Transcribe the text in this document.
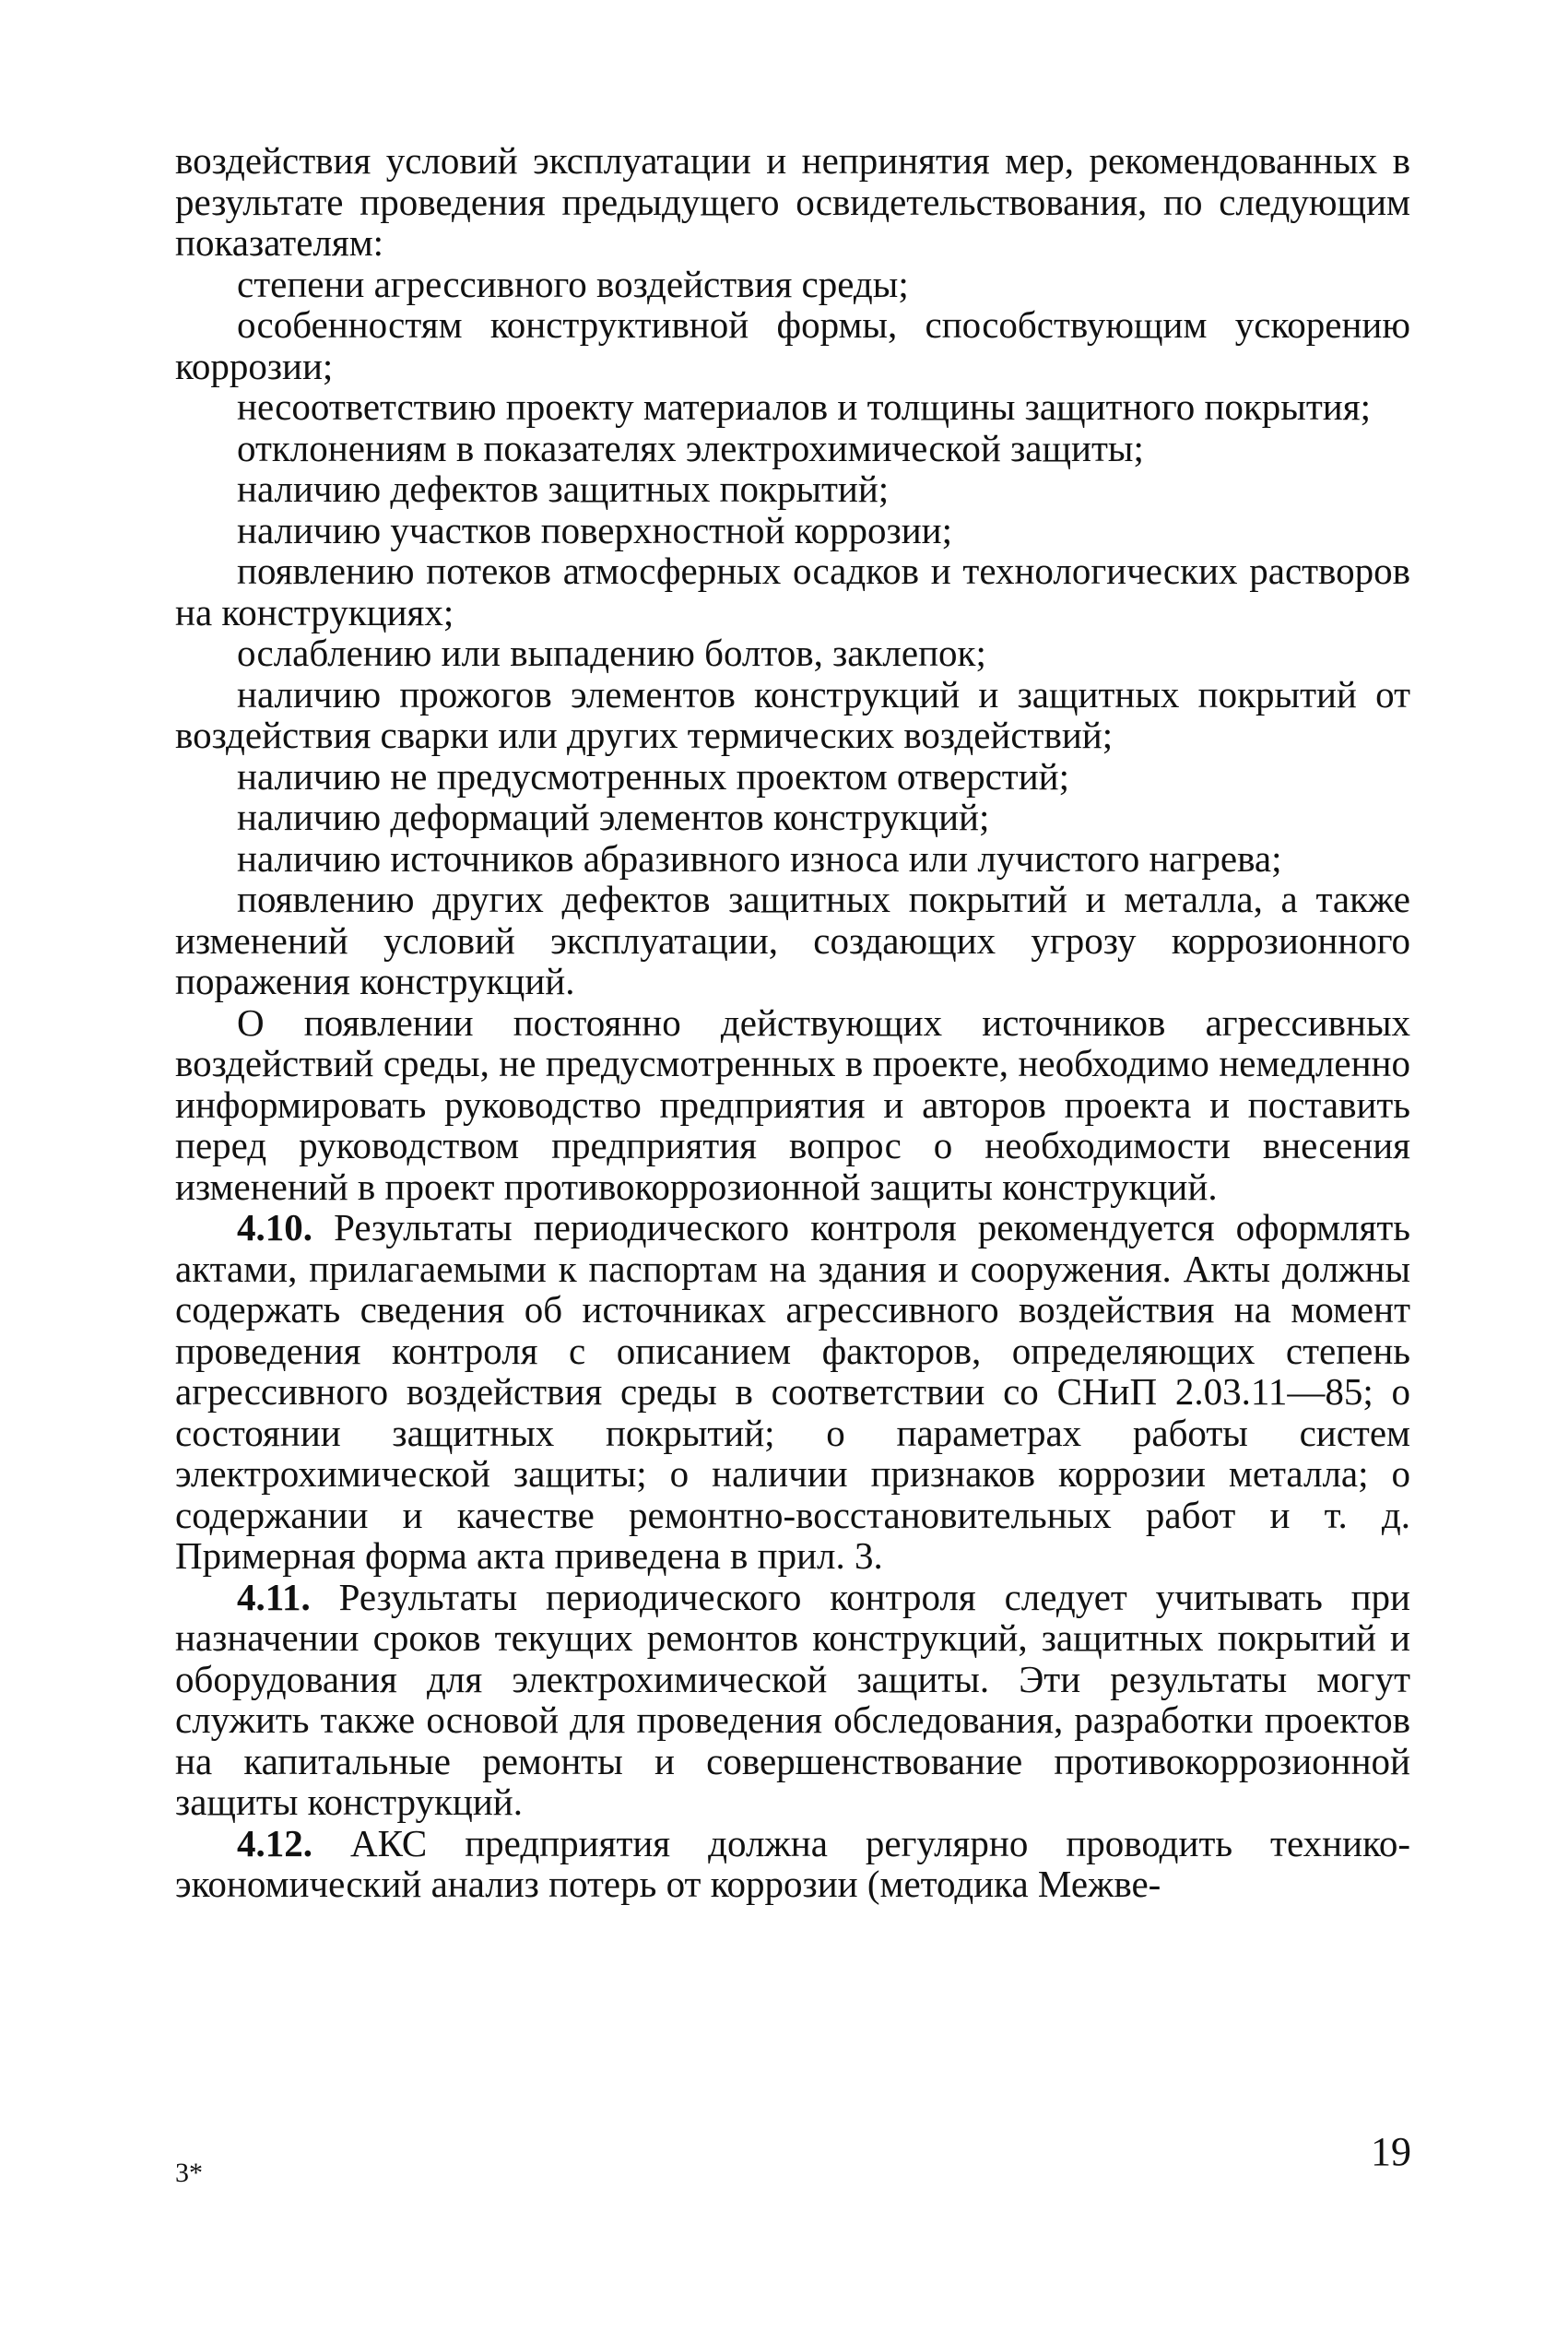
воздействия условий эксплуатации и непринятия мер, рекомендованных в результате проведения предыдущего освидетельствования, по следующим показателям:

степени агрессивного воздействия среды;

особенностям конструктивной формы, способствующим ускорению коррозии;

несоответствию проекту материалов и толщины защитного покрытия;

отклонениям в показателях электрохимической защиты;

наличию дефектов защитных покрытий;

наличию участков поверхностной коррозии;

появлению потеков атмосферных осадков и технологических растворов на конструкциях;

ослаблению или выпадению болтов, заклепок;

наличию прожогов элементов конструкций и защитных покрытий от воздействия сварки или других термических воздействий;

наличию не предусмотренных проектом отверстий;

наличию деформаций элементов конструкций;

наличию источников абразивного износа или лучистого нагрева;

появлению других дефектов защитных покрытий и металла, а также изменений условий эксплуатации, создающих угрозу коррозионного поражения конструкций.

О появлении постоянно действующих источников агрессивных воздействий среды, не предусмотренных в проекте, необходимо немедленно информировать руководство предприятия и авторов проекта и поставить перед руководством предприятия вопрос о необходимости внесения изменений в проект противокоррозионной защиты конструкций.

4.10. Результаты периодического контроля рекомендуется оформлять актами, прилагаемыми к паспортам на здания и сооружения. Акты должны содержать сведения об источниках агрессивного воздействия на момент проведения контроля с описанием факторов, определяющих степень агрессивного воздействия среды в соответствии со СНиП 2.03.11—85; о состоянии защитных покрытий; о параметрах работы систем электрохимической защиты; о наличии признаков коррозии металла; о содержании и качестве ремонтно-восстановительных работ и т. д. Примерная форма акта приведена в прил. 3.

4.11. Результаты периодического контроля следует учитывать при назначении сроков текущих ремонтов конструкций, защитных покрытий и оборудования для электрохимической защиты. Эти результаты могут служить также основой для проведения обследования, разработки проектов на капитальные ремонты и совершенствование противокоррозионной защиты конструкций.

4.12. АКС предприятия должна регулярно проводить технико-экономический анализ потерь от коррозии (методика Межве-

3*	19
